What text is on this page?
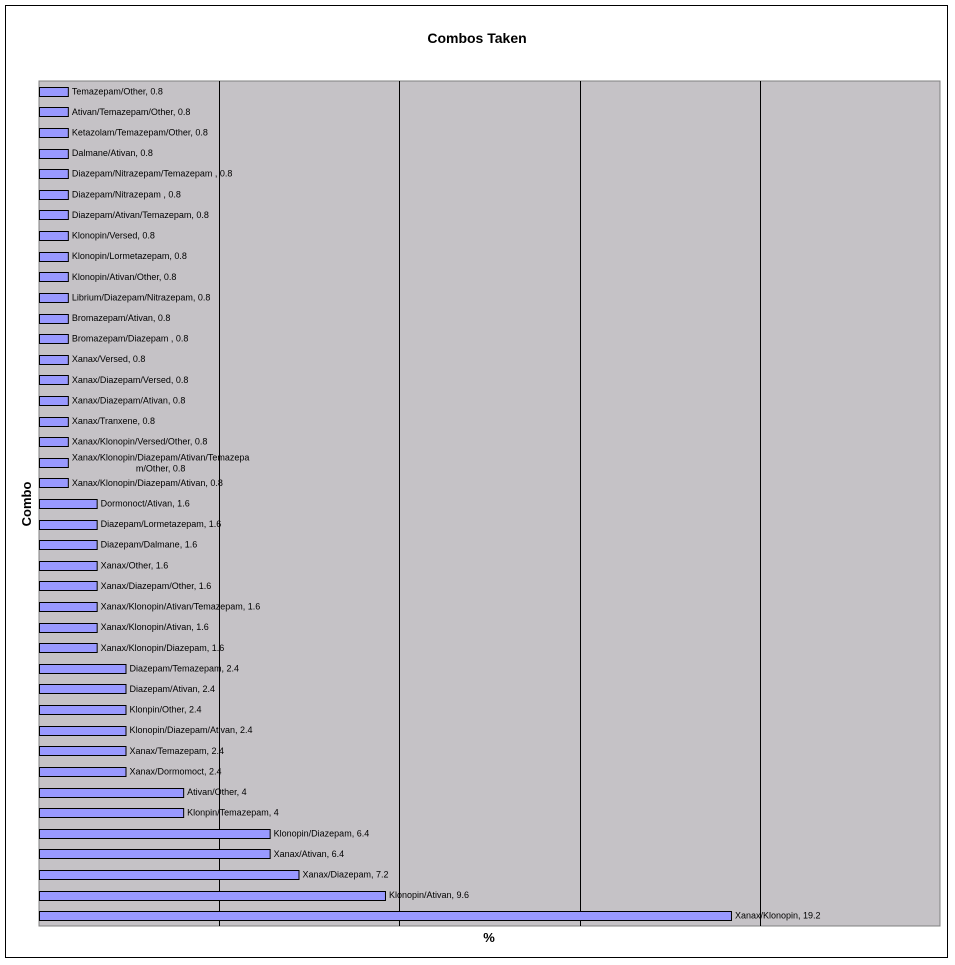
Combos Taken
Temazepam/Other, 0.8
Ativan/Temazepam/Other, 0.8
Ketazolam/Temazepam/Other, 0.8
Dalmane/Ativan, 0.8
Diazepam/Nitrazepam/Temazepam , 0.8
Diazepam/Nitrazepam , 0.8
Diazepam/Ativan/Temazepam, 0.8
Klonopin/Versed, 0.8
Klonopin/Lormetazepam, 0.8
Klonopin/Ativan/Other, 0.8
Librium/Diazepam/Nitrazepam, 0.8
Bromazepam/Ativan, 0.8
Bromazepam/Diazepam , 0.8
Xanax/Versed, 0.8
Xanax/Diazepam/Versed, 0.8
Xanax/Diazepam/Ativan, 0.8
Xanax/Tranxene, 0.8
Xanax/Klonopin/Versed/Other, 0.8
Xanax/Klonopin/Diazepam/Ativan/Temazepa
m/Other, 0.8
Xanax/Klonopin/Diazepam/Ativan, 0.8
Dormonoct/Ativan, 1.6
Diazepam/Lormetazepam, 1.6
Diazepam/Dalmane, 1.6
Xanax/Other, 1.6
Xanax/Diazepam/Other, 1.6
Xanax/Klonopin/Ativan/Temazepam, 1.6
Xanax/Klonopin/Ativan, 1.6
Xanax/Klonopin/Diazepam, 1.6
Diazepam/Temazepam, 2.4
Diazepam/Ativan, 2.4
Klonpin/Other, 2.4
Klonopin/Diazepam/Ativan, 2.4
Xanax/Temazepam, 2.4
Xanax/Dormomoct, 2.4
Ativan/Other, 4
Klonpin/Temazepam, 4
Klonopin/Diazepam, 6.4
Xanax/Ativan, 6.4
Xanax/Diazepam, 7.2
Klonopin/Ativan, 9.6
Xanax/Klonopin, 19.2
%
Combo
